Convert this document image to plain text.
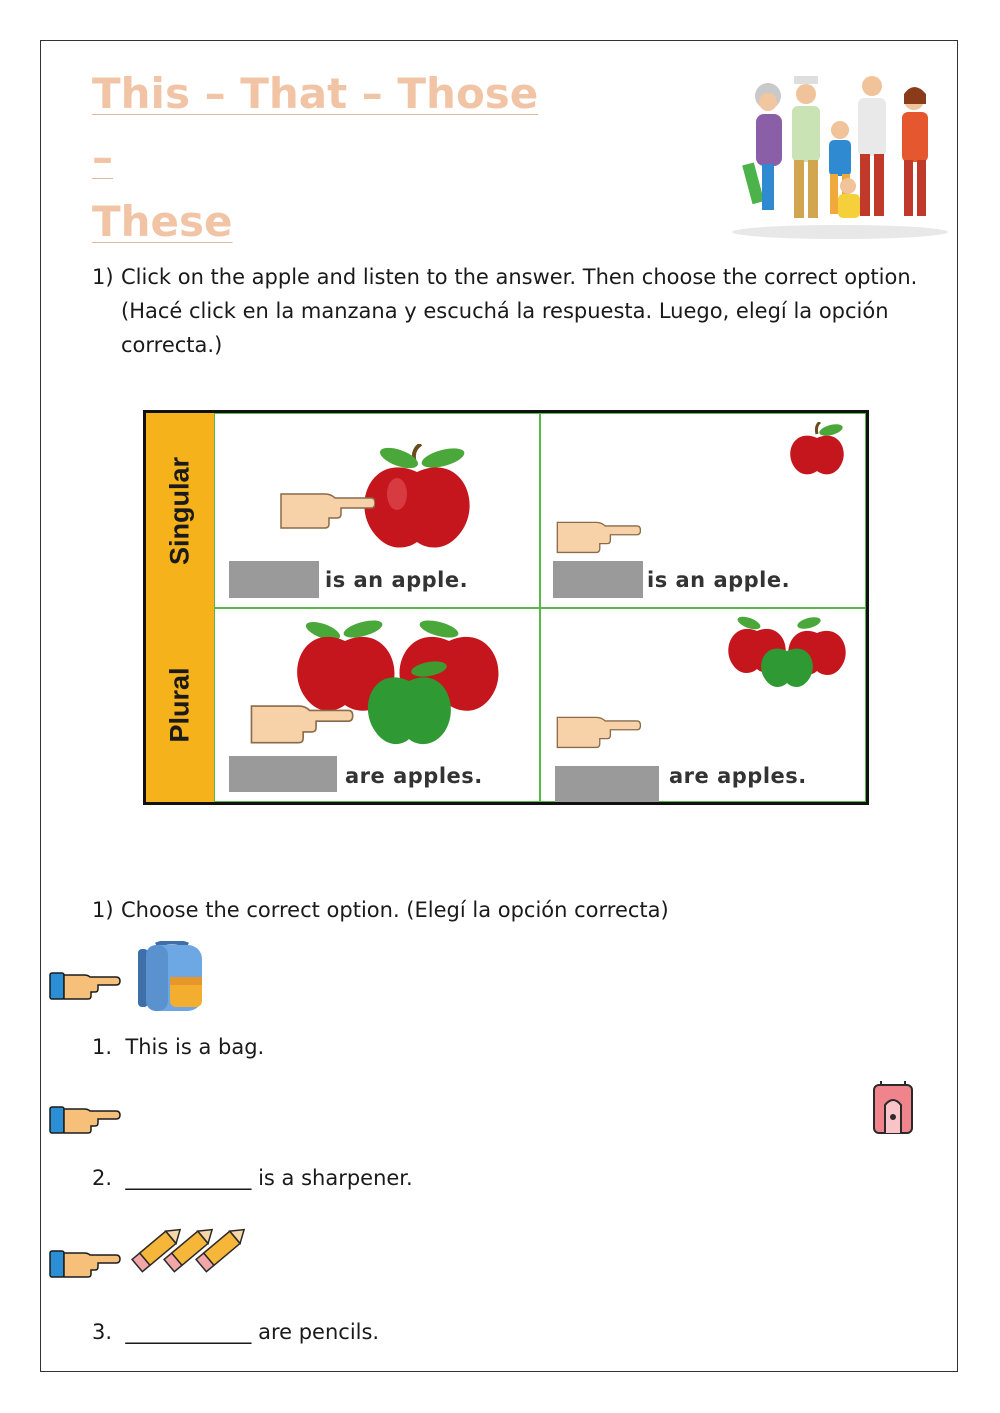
This – That – Those –
These
1) Click on the apple and listen to the answer. Then choose the correct option. (Hacé click en la manzana y escuchá la respuesta. Luego, elegí la opción correcta.)
Singular
Plural
is an apple.	is an apple.
are apples.	are apples.
1) Choose the correct option. (Elegí la opción correcta)

1. This is a bag.

2. ____________ is a sharpener.

3. ____________ are pencils.
